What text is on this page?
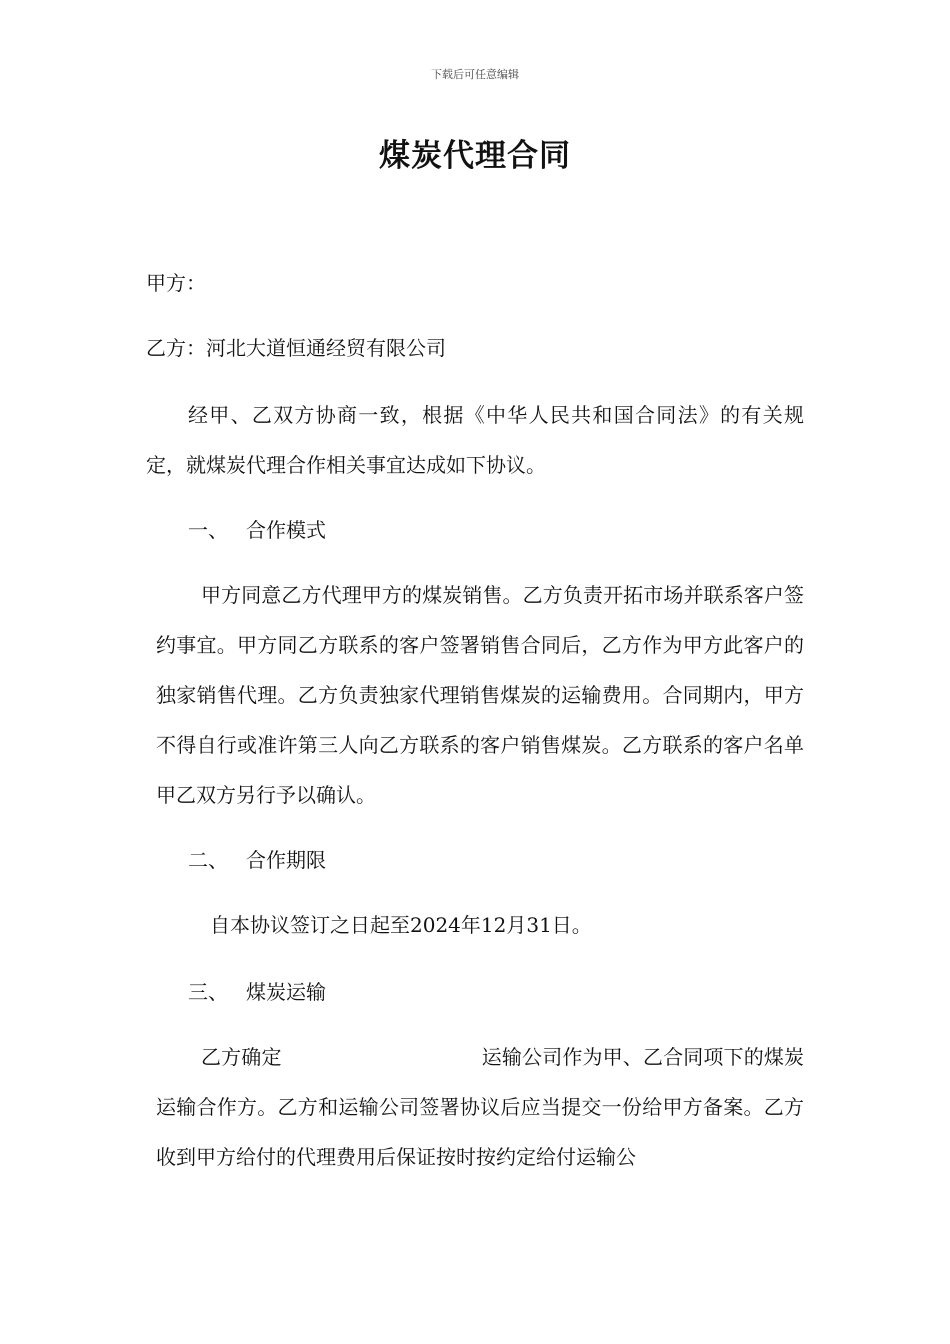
下载后可任意编辑
煤炭代理合同
甲方：
乙方：河北大道恒通经贸有限公司
经甲、乙双方协商一致，根据《中华人民共和国合同法》的有关规定，就煤炭代理合作相关事宜达成如下协议。
一、 合作模式
甲方同意乙方代理甲方的煤炭销售。乙方负责开拓市场并联系客户签约事宜。甲方同乙方联系的客户签署销售合同后，乙方作为甲方此客户的独家销售代理。乙方负责独家代理销售煤炭的运输费用。合同期内，甲方不得自行或准许第三人向乙方联系的客户销售煤炭。乙方联系的客户名单甲乙双方另行予以确认。
二、 合作期限
自本协议签订之日起至2024年12月31日。
三、 煤炭运输
乙方确定	运输公司作为甲、乙合同项下的煤炭运输合作方。乙方和运输公司签署协议后应当提交一份给甲方备案。乙方收到甲方给付的代理费用后保证按时按约定给付运输公
